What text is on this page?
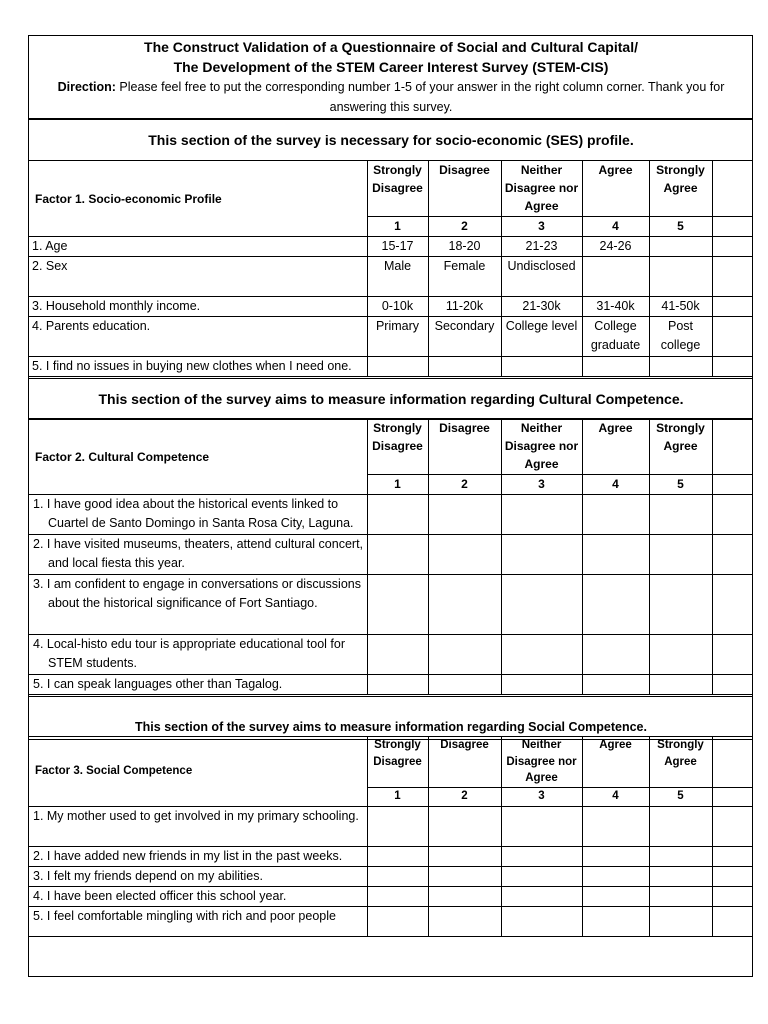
The Construct Validation of a Questionnaire of Social and Cultural Capital/
The Development of the STEM Career Interest Survey (STEM-CIS)
Direction: Please feel free to put the corresponding number 1-5 of your answer in the right column corner. Thank you for answering this survey.
This section of the survey is necessary for socio-economic (SES) profile.
Factor 1. Socio-economic Profile	Strongly Disagree	Disagree	Neither Disagree nor Agree	Agree	Strongly Agree	
	1	2	3	4	5	
1. Age	15-17	18-20	21-23	24-26		
2. Sex	Male	Female	Undisclosed			
3. Household monthly income.	0-10k	11-20k	21-30k	31-40k	41-50k	
4. Parents education.	Primary	Secondary	College level	College graduate	Post college	
5. I find no issues in buying new clothes when I need one.						
This section of the survey aims to measure information regarding Cultural Competence.
Factor 2. Cultural Competence	Strongly Disagree	Disagree	Neither Disagree nor Agree	Agree	Strongly Agree	
	1	2	3	4	5	
1. I have good idea about the historical events linked to Cuartel de Santo Domingo in Santa Rosa City, Laguna.						
2. I have visited museums, theaters, attend cultural concert, and local fiesta this year.						
3. I am confident to engage in conversations or discussions about the historical significance of Fort Santiago.						
4. Local-histo edu tour is appropriate educational tool for STEM students.						
5. I can speak languages other than Tagalog.						
This section of the survey aims to measure information regarding Social Competence.
Factor 3. Social Competence	Strongly Disagree	Disagree	Neither Disagree nor Agree	Agree	Strongly Agree	
	1	2	3	4	5	
1. My mother used to get involved in my primary schooling.						
2. I have added new friends in my list in the past weeks.						
3. I felt my friends depend on my abilities.						
4. I have been elected officer this school year.						
5. I feel comfortable mingling with rich and poor people						
